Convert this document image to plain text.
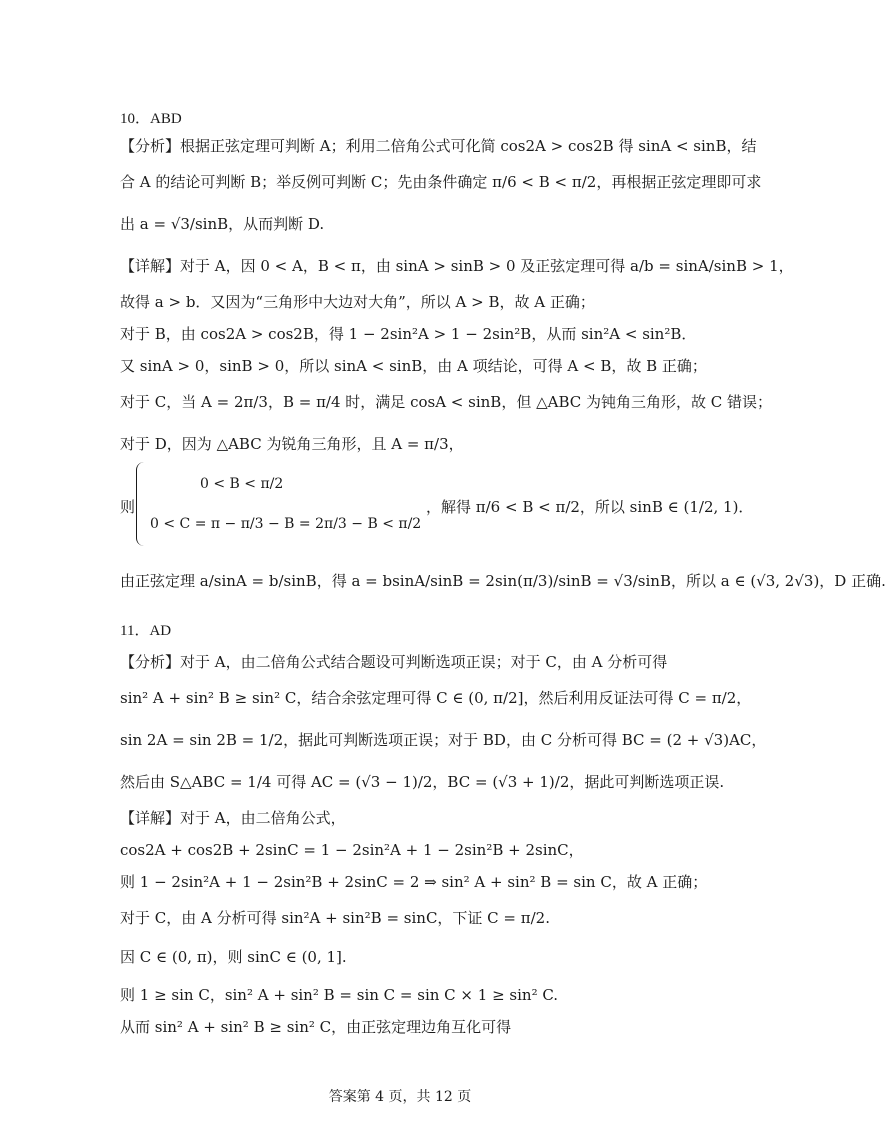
10．ABD
【分析】根据正弦定理可判断 A；利用二倍角公式可化简 cos2A > cos2B 得 sinA < sinB，结
合 A 的结论可判断 B；举反例可判断 C；先由条件确定 π/6 < B < π/2，再根据正弦定理即可求
出 a = √3/sinB，从而判断 D.
【详解】对于 A，因 0 < A，B < π，由 sinA > sinB > 0 及正弦定理可得 a/b = sinA/sinB > 1，
故得 a > b．又因为“三角形中大边对大角”，所以 A > B，故 A 正确；
对于 B，由 cos2A > cos2B，得 1 − 2sin²A > 1 − 2sin²B，从而 sin²A < sin²B．
又 sinA > 0，sinB > 0，所以 sinA < sinB，由 A 项结论，可得 A < B，故 B 正确；
对于 C，当 A = 2π/3，B = π/4 时，满足 cosA < sinB，但 △ABC 为钝角三角形，故 C 错误；
对于 D，因为 △ABC 为锐角三角形，且 A = π/3，
则
0 < B < π/2
0 < C = π − π/3 − B = 2π/3 − B < π/2
，解得 π/6 < B < π/2，所以 sinB ∈ (1/2, 1)．
由正弦定理 a/sinA = b/sinB，得 a = bsinA/sinB = 2sin(π/3)/sinB = √3/sinB，所以 a ∈ (√3, 2√3)，D 正确.
11．AD
【分析】对于 A，由二倍角公式结合题设可判断选项正误；对于 C，由 A 分析可得
sin² A + sin² B ≥ sin² C，结合余弦定理可得 C ∈ (0, π/2]，然后利用反证法可得 C = π/2，
sin 2A = sin 2B = 1/2，据此可判断选项正误；对于 BD，由 C 分析可得 BC = (2 + √3)AC，
然后由 S△ABC = 1/4 可得 AC = (√3 − 1)/2，BC = (√3 + 1)/2，据此可判断选项正误.
【详解】对于 A，由二倍角公式，
cos2A + cos2B + 2sinC = 1 − 2sin²A + 1 − 2sin²B + 2sinC，
则 1 − 2sin²A + 1 − 2sin²B + 2sinC = 2 ⇒ sin² A + sin² B = sin C，故 A 正确；
对于 C，由 A 分析可得 sin²A + sin²B = sinC，下证 C = π/2.
因 C ∈ (0, π)，则 sinC ∈ (0, 1].
则 1 ≥ sin C，sin² A + sin² B = sin C = sin C × 1 ≥ sin² C.
从而 sin² A + sin² B ≥ sin² C，由正弦定理边角互化可得
答案第 4 页，共 12 页
